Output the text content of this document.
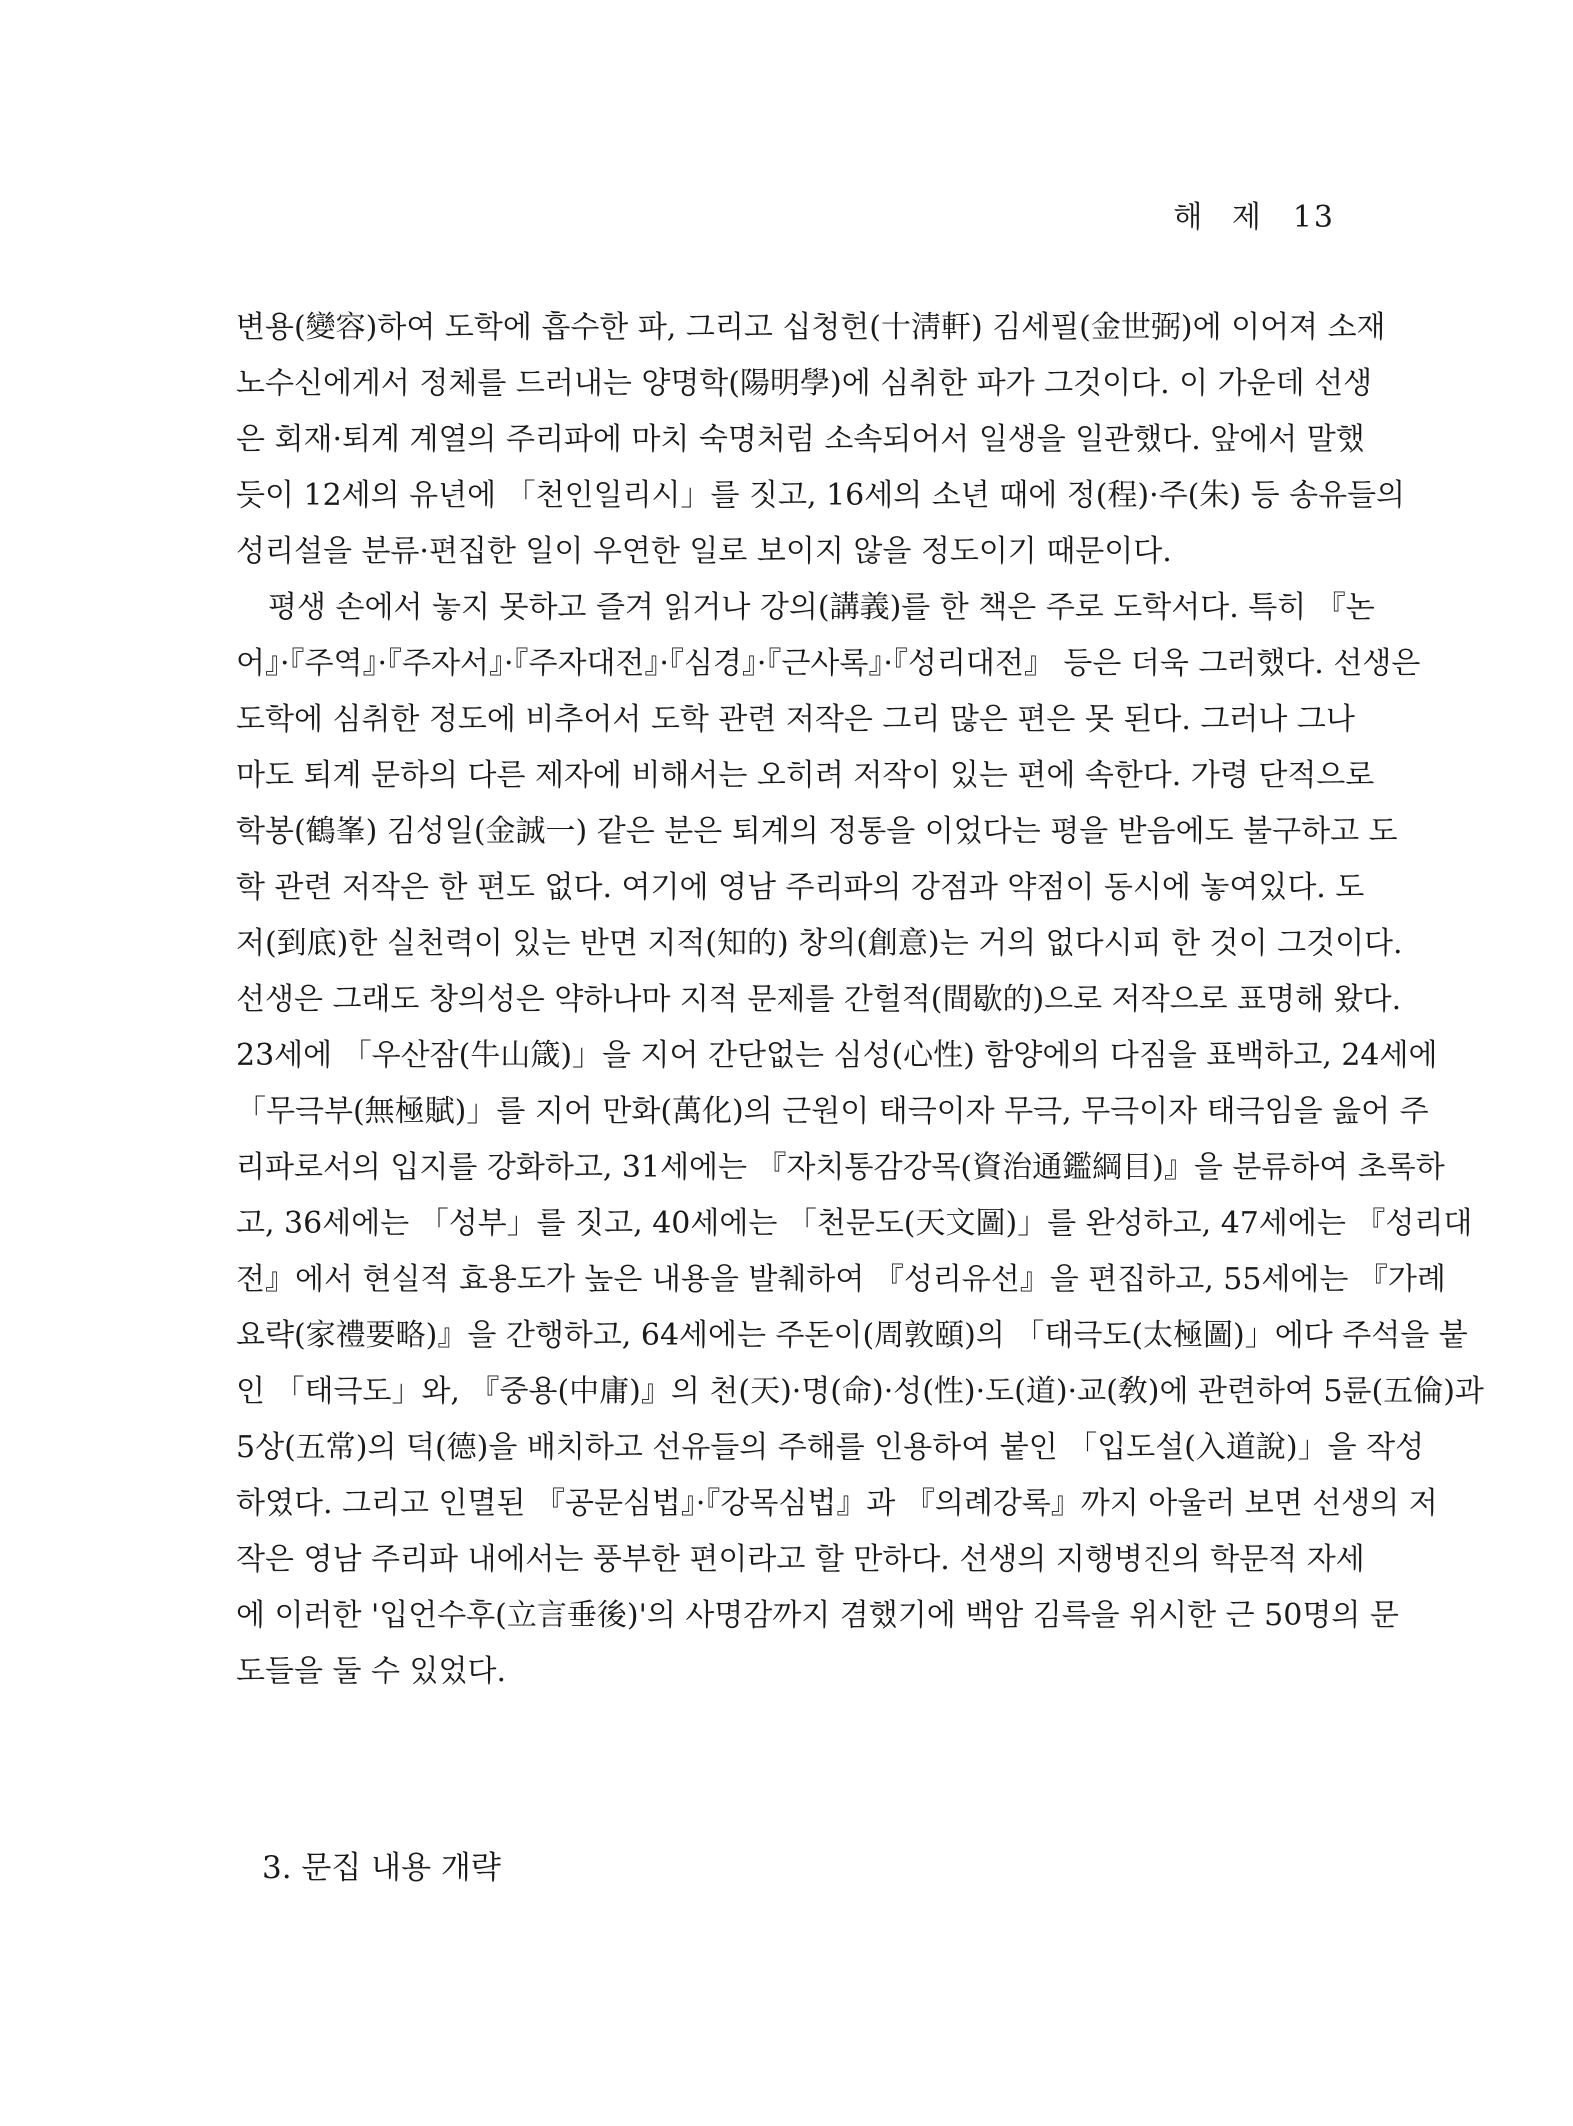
해 제 13
변용(變容)하여 도학에 흡수한 파, 그리고 십청헌(十淸軒) 김세필(金世弼)에 이어져 소재
노수신에게서 정체를 드러내는 양명학(陽明學)에 심취한 파가 그것이다. 이 가운데 선생
은 회재·퇴계 계열의 주리파에 마치 숙명처럼 소속되어서 일생을 일관했다. 앞에서 말했
듯이 12세의 유년에 「천인일리시」를 짓고, 16세의 소년 때에 정(程)·주(朱) 등 송유들의
성리설을 분류·편집한 일이 우연한 일로 보이지 않을 정도이기 때문이다.
평생 손에서 놓지 못하고 즐겨 읽거나 강의(講義)를 한 책은 주로 도학서다. 특히 『논
어』·『주역』·『주자서』·『주자대전』·『심경』·『근사록』·『성리대전』 등은 더욱 그러했다. 선생은
도학에 심취한 정도에 비추어서 도학 관련 저작은 그리 많은 편은 못 된다. 그러나 그나
마도 퇴계 문하의 다른 제자에 비해서는 오히려 저작이 있는 편에 속한다. 가령 단적으로
학봉(鶴峯) 김성일(金誠一) 같은 분은 퇴계의 정통을 이었다는 평을 받음에도 불구하고 도
학 관련 저작은 한 편도 없다. 여기에 영남 주리파의 강점과 약점이 동시에 놓여있다. 도
저(到底)한 실천력이 있는 반면 지적(知的) 창의(創意)는 거의 없다시피 한 것이 그것이다.
선생은 그래도 창의성은 약하나마 지적 문제를 간헐적(間歇的)으로 저작으로 표명해 왔다.
23세에 「우산잠(牛山箴)」을 지어 간단없는 심성(心性) 함양에의 다짐을 표백하고, 24세에
「무극부(無極賦)」를 지어 만화(萬化)의 근원이 태극이자 무극, 무극이자 태극임을 읊어 주
리파로서의 입지를 강화하고, 31세에는 『자치통감강목(資治通鑑綱目)』을 분류하여 초록하
고, 36세에는 「성부」를 짓고, 40세에는 「천문도(天文圖)」를 완성하고, 47세에는 『성리대
전』에서 현실적 효용도가 높은 내용을 발췌하여 『성리유선』을 편집하고, 55세에는 『가례
요략(家禮要略)』을 간행하고, 64세에는 주돈이(周敦頤)의 「태극도(太極圖)」에다 주석을 붙
인 「태극도」와, 『중용(中庸)』의 천(天)·명(命)·성(性)·도(道)·교(敎)에 관련하여 5륜(五倫)과
5상(五常)의 덕(德)을 배치하고 선유들의 주해를 인용하여 붙인 「입도설(入道說)」을 작성
하였다. 그리고 인멸된 『공문심법』·『강목심법』과 『의례강록』까지 아울러 보면 선생의 저
작은 영남 주리파 내에서는 풍부한 편이라고 할 만하다. 선생의 지행병진의 학문적 자세
에 이러한 '입언수후(立言垂後)'의 사명감까지 겸했기에 백암 김륵을 위시한 근 50명의 문
도들을 둘 수 있었다.
3. 문집 내용 개략
